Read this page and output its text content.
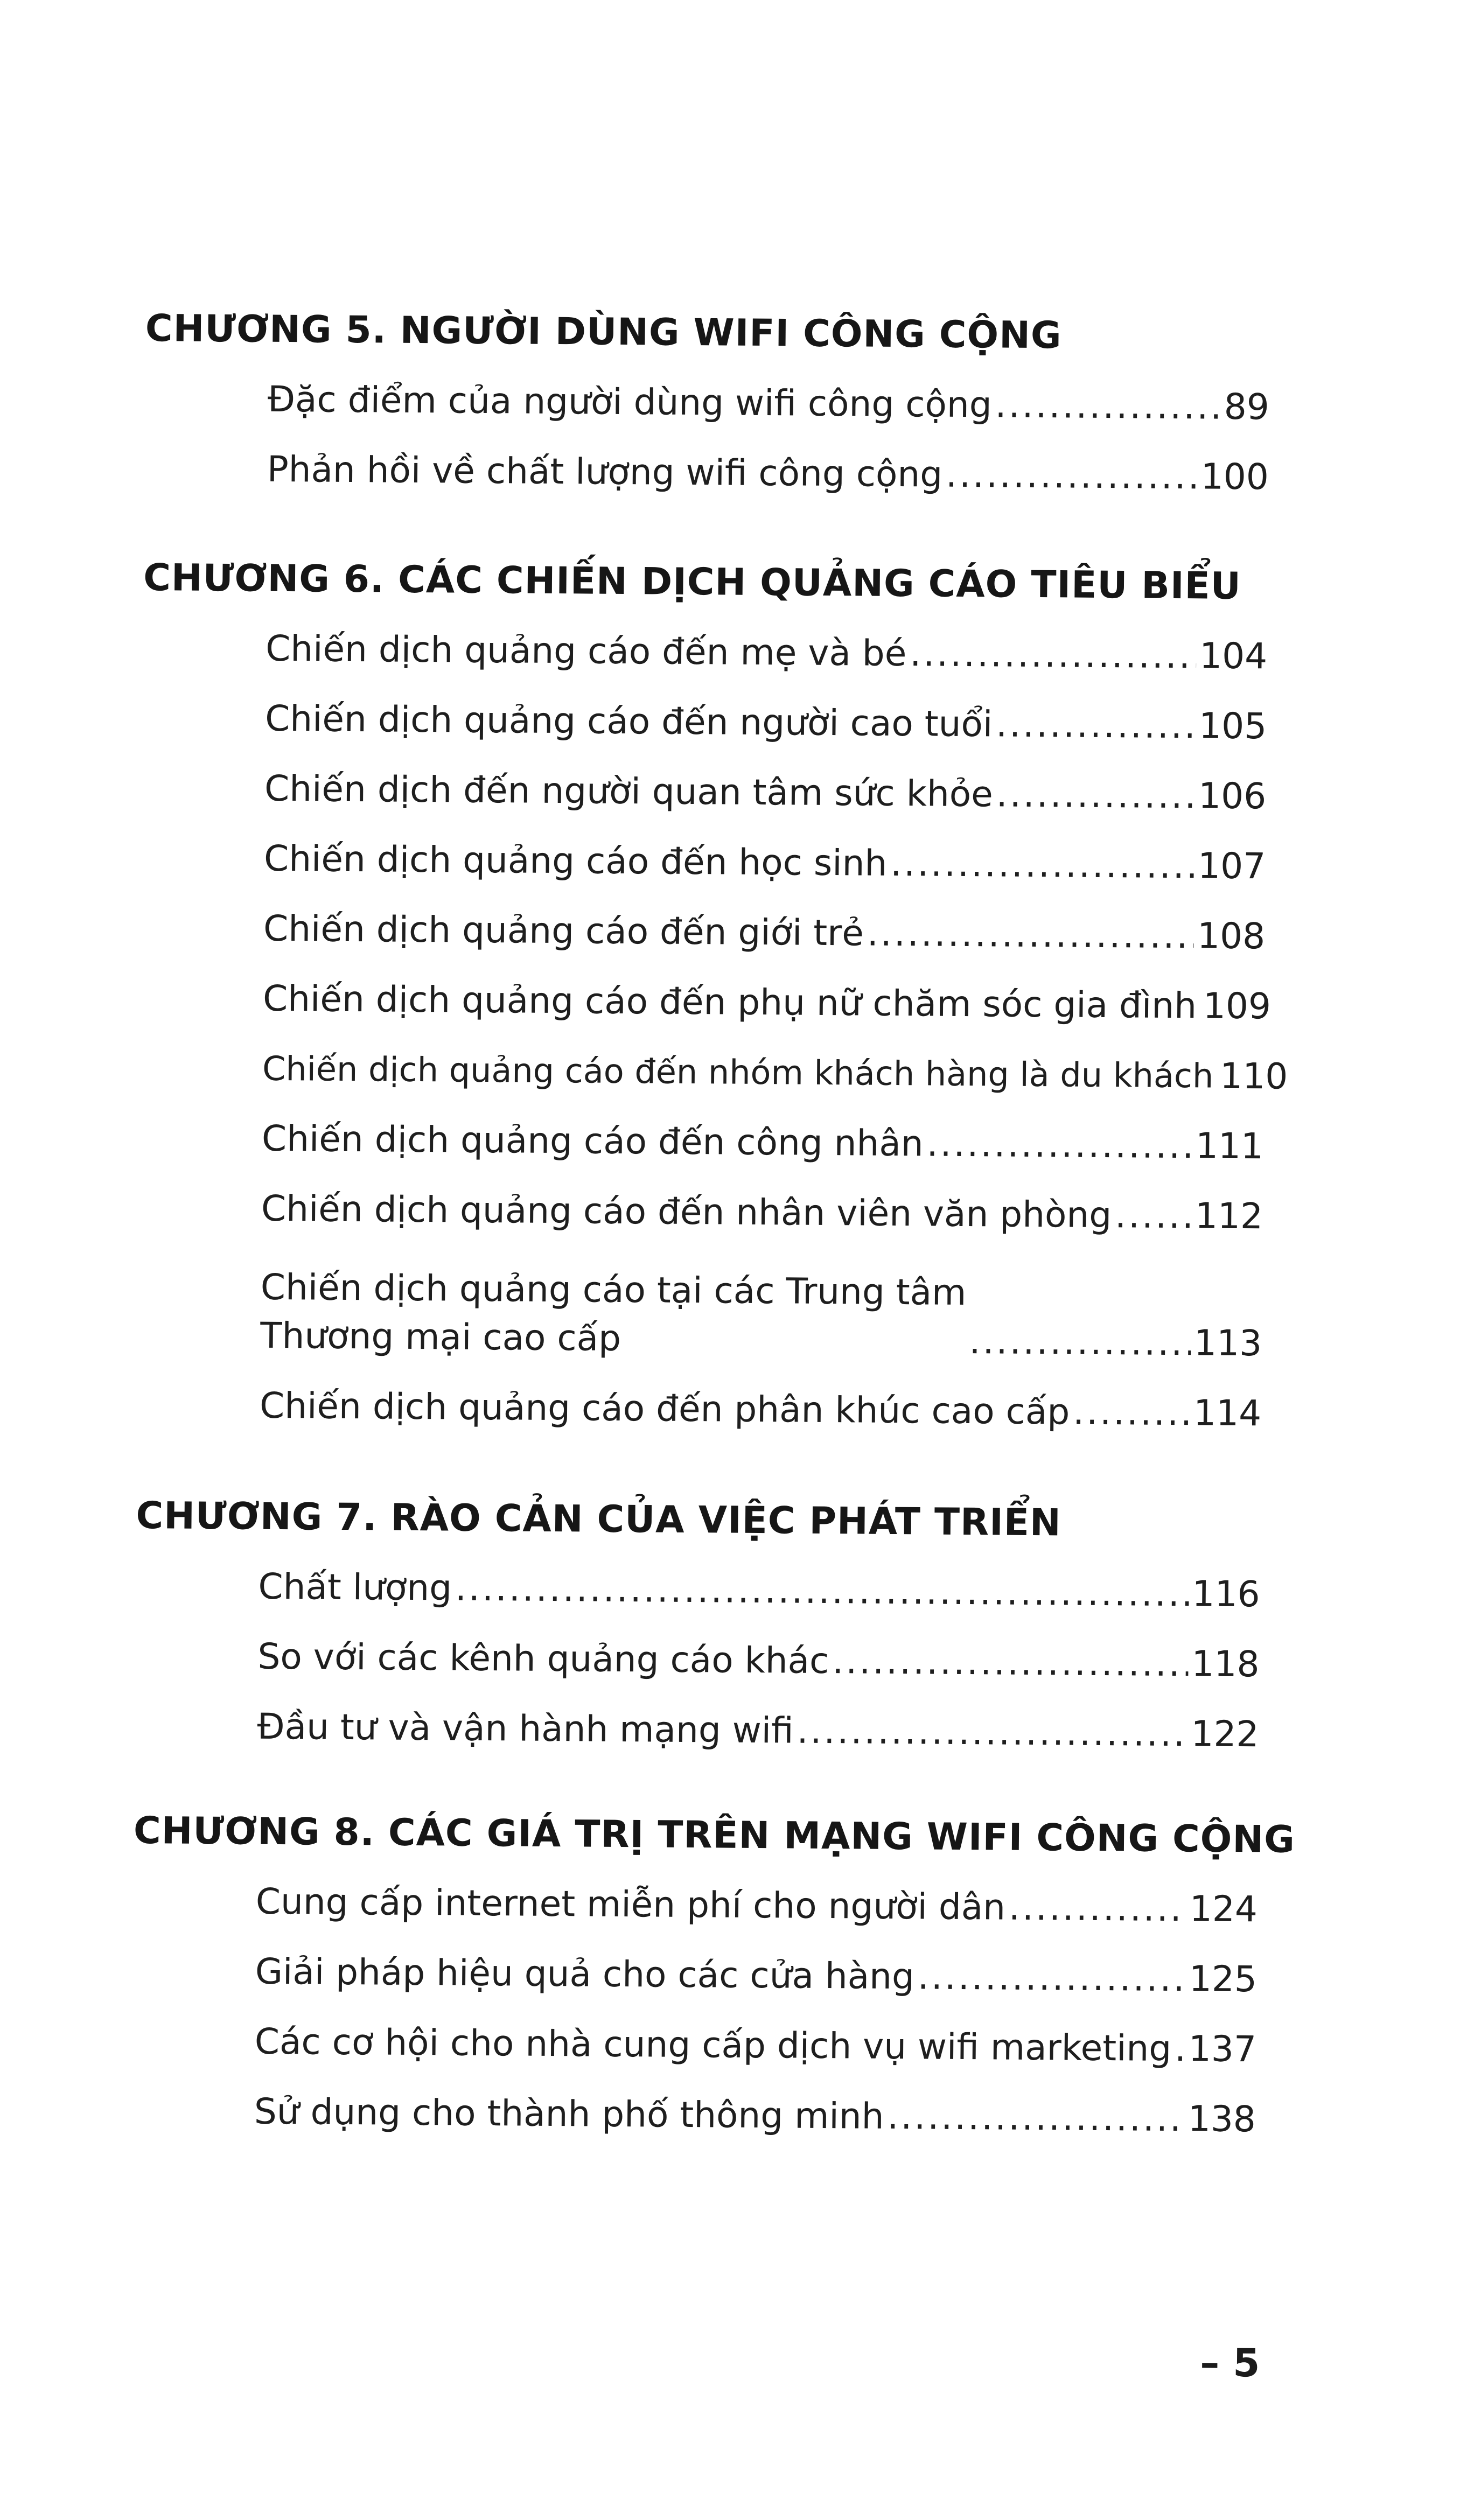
CHƯƠNG 5. NGƯỜI DÙNG WIFI CÔNG CỘNG
Đặc điểm của người dùng wifi công cộng .....	89
Phản hồi về chất lượng wifi công cộng .....	100
CHƯƠNG 6. CÁC CHIẾN DỊCH QUẢNG CÁO TIÊU BIỂU
Chiến dịch quảng cáo đến mẹ và bé .....	104
Chiến dịch quảng cáo đến người cao tuổi .....	105
Chiến dịch đến người quan tâm sức khỏe .....	106
Chiến dịch quảng cáo đến học sinh .....	107
Chiến dịch quảng cáo đến giới trẻ .....	108
Chiến dịch quảng cáo đến phụ nữ chăm sóc gia đình ..... 109
Chiến dịch quảng cáo đến nhóm khách hàng là du khách ..... 110
Chiến dịch quảng cáo đến công nhân .....	111
Chiến dịch quảng cáo đến nhân viên văn phòng ..... 112
Chiến dịch quảng cáo tại các Trung tâm
Thương mại cao cấp .....	113
Chiến dịch quảng cáo đến phân khúc cao cấp .....	114
CHƯƠNG 7. RÀO CẢN CỦA VIỆC PHÁT TRIỂN
Chất lượng .....	116
So với các kênh quảng cáo khác .....	118
Đầu tư và vận hành mạng wifi .....	122
CHƯƠNG 8. CÁC GIÁ TRỊ TRÊN MẠNG WIFI CÔNG CỘNG
Cung cấp internet miễn phí cho người dân .....	124
Giải pháp hiệu quả cho các cửa hàng .....	125
Các cơ hội cho nhà cung cấp dịch vụ wifi marketing ..... 137
Sử dụng cho thành phố thông minh .....	138
– 5
